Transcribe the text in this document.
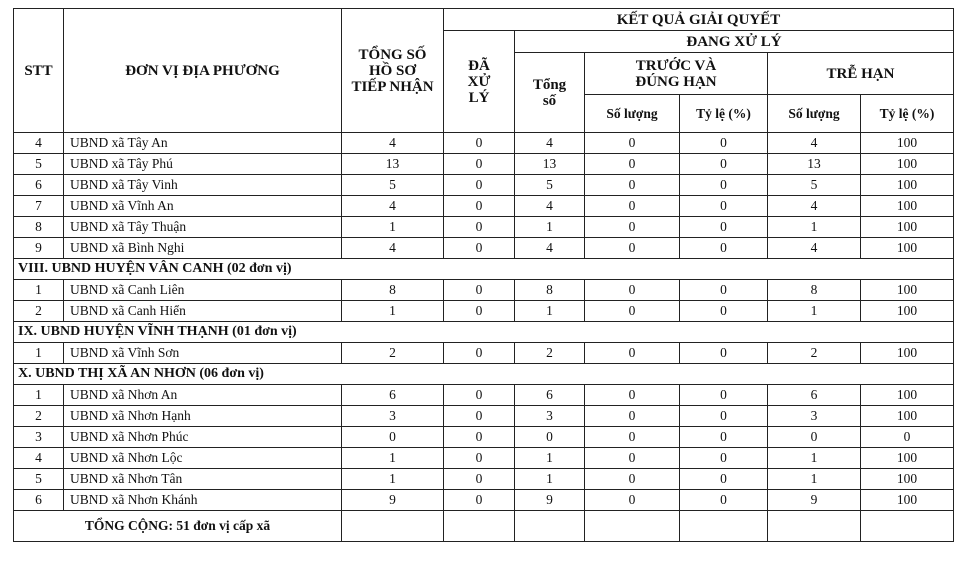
STT	ĐƠN VỊ ĐỊA PHƯƠNG	TỔNG SỐ HỒ SƠ TIẾP NHẬN	KẾT QUẢ GIẢI QUYẾT					
			ĐÃ XỬ LÝ	ĐANG XỬ LÝ				
				Tổng số	TRƯỚC VÀ ĐÚNG HẠN		TRỄ HẠN	
					Số lượng	Tỷ lệ (%)	Số lượng	Tỷ lệ (%)
4	UBND xã Tây An	4	0	4	0	0	4	100
5	UBND xã Tây Phú	13	0	13	0	0	13	100
6	UBND xã Tây Vinh	5	0	5	0	0	5	100
7	UBND xã Vĩnh An	4	0	4	0	0	4	100
8	UBND xã Tây Thuận	1	0	1	0	0	1	100
9	UBND xã Bình Nghi	4	0	4	0	0	4	100
VIII. UBND HUYỆN VÂN CANH (02 đơn vị)								
1	UBND xã Canh Liên	8	0	8	0	0	8	100
2	UBND xã Canh Hiển	1	0	1	0	0	1	100
IX. UBND HUYỆN VĨNH THẠNH (01 đơn vị)								
1	UBND xã Vĩnh Sơn	2	0	2	0	0	2	100
X. UBND THỊ XÃ AN NHƠN (06 đơn vị)								
1	UBND xã Nhơn An	6	0	6	0	0	6	100
2	UBND xã Nhơn Hạnh	3	0	3	0	0	3	100
3	UBND xã Nhơn Phúc	0	0	0	0	0	0	0
4	UBND xã Nhơn Lộc	1	0	1	0	0	1	100
5	UBND xã Nhơn Tân	1	0	1	0	0	1	100
6	UBND xã Nhơn Khánh	9	0	9	0	0	9	100
TỔNG CỘNG: 51 đơn vị cấp xã								
